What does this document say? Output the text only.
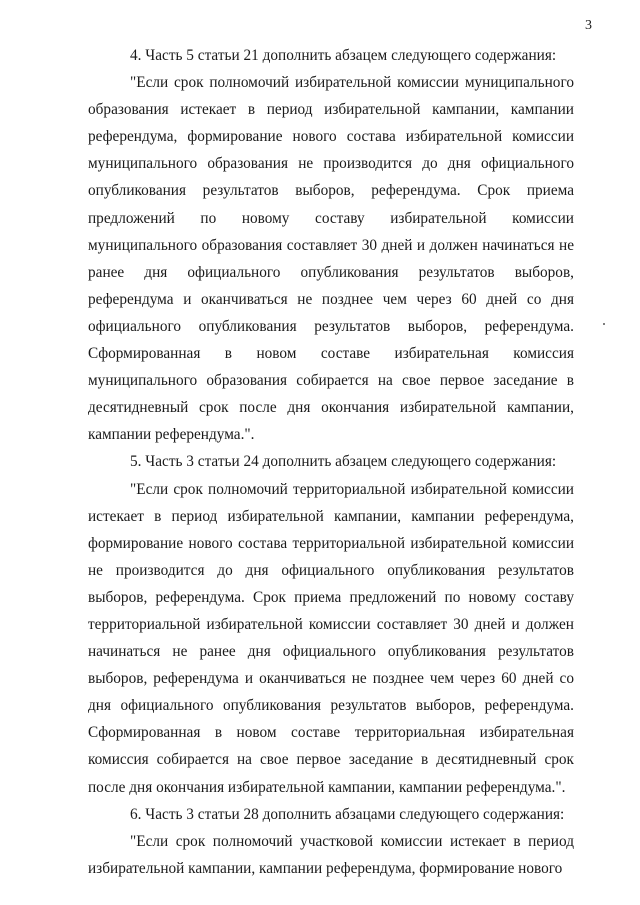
3

4. Часть 5 статьи 21 дополнить абзацем следующего содержания:

"Если срок полномочий избирательной комиссии муниципального образования истекает в период избирательной кампании, кампании референдума, формирование нового состава избирательной комиссии муниципального образования не производится до дня официального опубликования результатов выборов, референдума. Срок приема предложений по новому составу избирательной комиссии муниципального образования составляет 30 дней и должен начинаться не ранее дня официального опубликования результатов выборов, референдума и оканчиваться не позднее чем через 60 дней со дня официального опубликования результатов выборов, референдума. Сформированная в новом составе избирательная комиссия муниципального образования собирается на свое первое заседание в десятидневный срок после дня окончания избирательной кампании, кампании референдума.".

5. Часть 3 статьи 24 дополнить абзацем следующего содержания:

"Если срок полномочий территориальной избирательной комиссии истекает в период избирательной кампании, кампании референдума, формирование нового состава территориальной избирательной комиссии не производится до дня официального опубликования результатов выборов, референдума. Срок приема предложений по новому составу территориальной избирательной комиссии составляет 30 дней и должен начинаться не ранее дня официального опубликования результатов выборов, референдума и оканчиваться не позднее чем через 60 дней со дня официального опубликования результатов выборов, референдума. Сформированная в новом составе территориальная избирательная комиссия собирается на свое первое заседание в десятидневный срок после дня окончания избирательной кампании, кампании референдума.".

6. Часть 3 статьи 28 дополнить абзацами следующего содержания:

"Если срок полномочий участковой комиссии истекает в период избирательной кампании, кампании референдума, формирование нового
